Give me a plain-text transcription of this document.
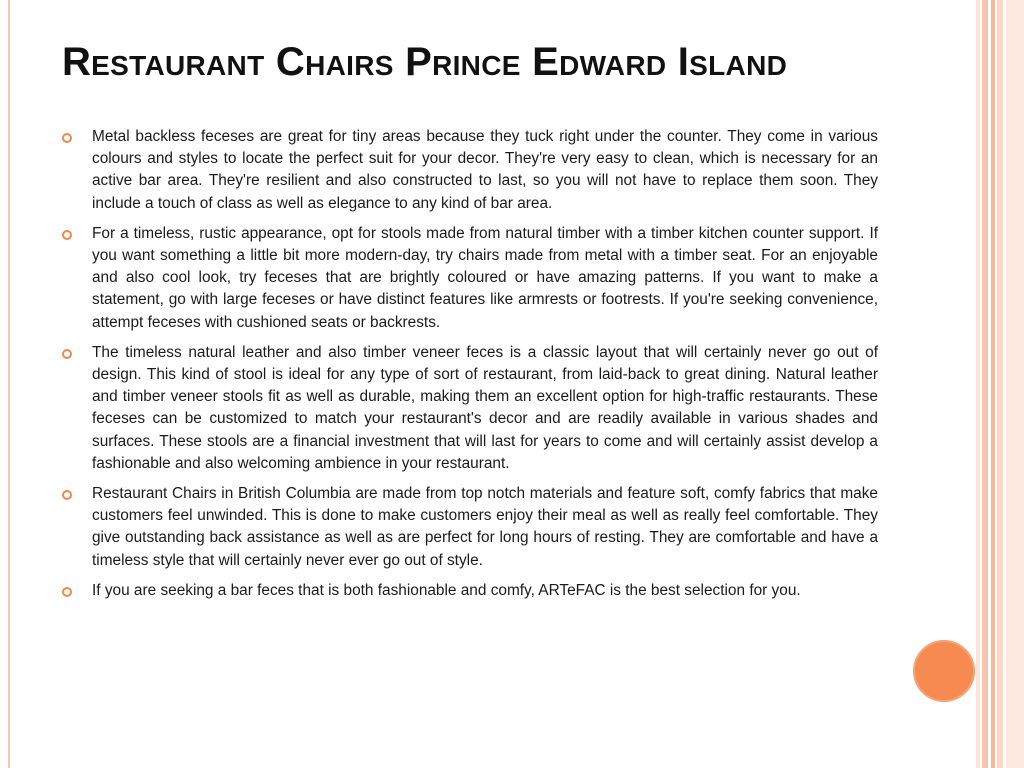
Restaurant Chairs Prince Edward Island
Metal backless feceses are great for tiny areas because they tuck right under the counter. They come in various colours and styles to locate the perfect suit for your decor. They're very easy to clean, which is necessary for an active bar area. They're resilient and also constructed to last, so you will not have to replace them soon. They include a touch of class as well as elegance to any kind of bar area.
For a timeless, rustic appearance, opt for stools made from natural timber with a timber kitchen counter support. If you want something a little bit more modern-day, try chairs made from metal with a timber seat. For an enjoyable and also cool look, try feceses that are brightly coloured or have amazing patterns. If you want to make a statement, go with large feceses or have distinct features like armrests or footrests. If you're seeking convenience, attempt feceses with cushioned seats or backrests.
The timeless natural leather and also timber veneer feces is a classic layout that will certainly never go out of design. This kind of stool is ideal for any type of sort of restaurant, from laid-back to great dining. Natural leather and timber veneer stools fit as well as durable, making them an excellent option for high-traffic restaurants. These feceses can be customized to match your restaurant's decor and are readily available in various shades and surfaces. These stools are a financial investment that will last for years to come and will certainly assist develop a fashionable and also welcoming ambience in your restaurant.
Restaurant Chairs in British Columbia are made from top notch materials and feature soft, comfy fabrics that make customers feel unwinded. This is done to make customers enjoy their meal as well as really feel comfortable. They give outstanding back assistance as well as are perfect for long hours of resting. They are comfortable and have a timeless style that will certainly never ever go out of style.
If you are seeking a bar feces that is both fashionable and comfy, ARTeFAC is the best selection for you.
